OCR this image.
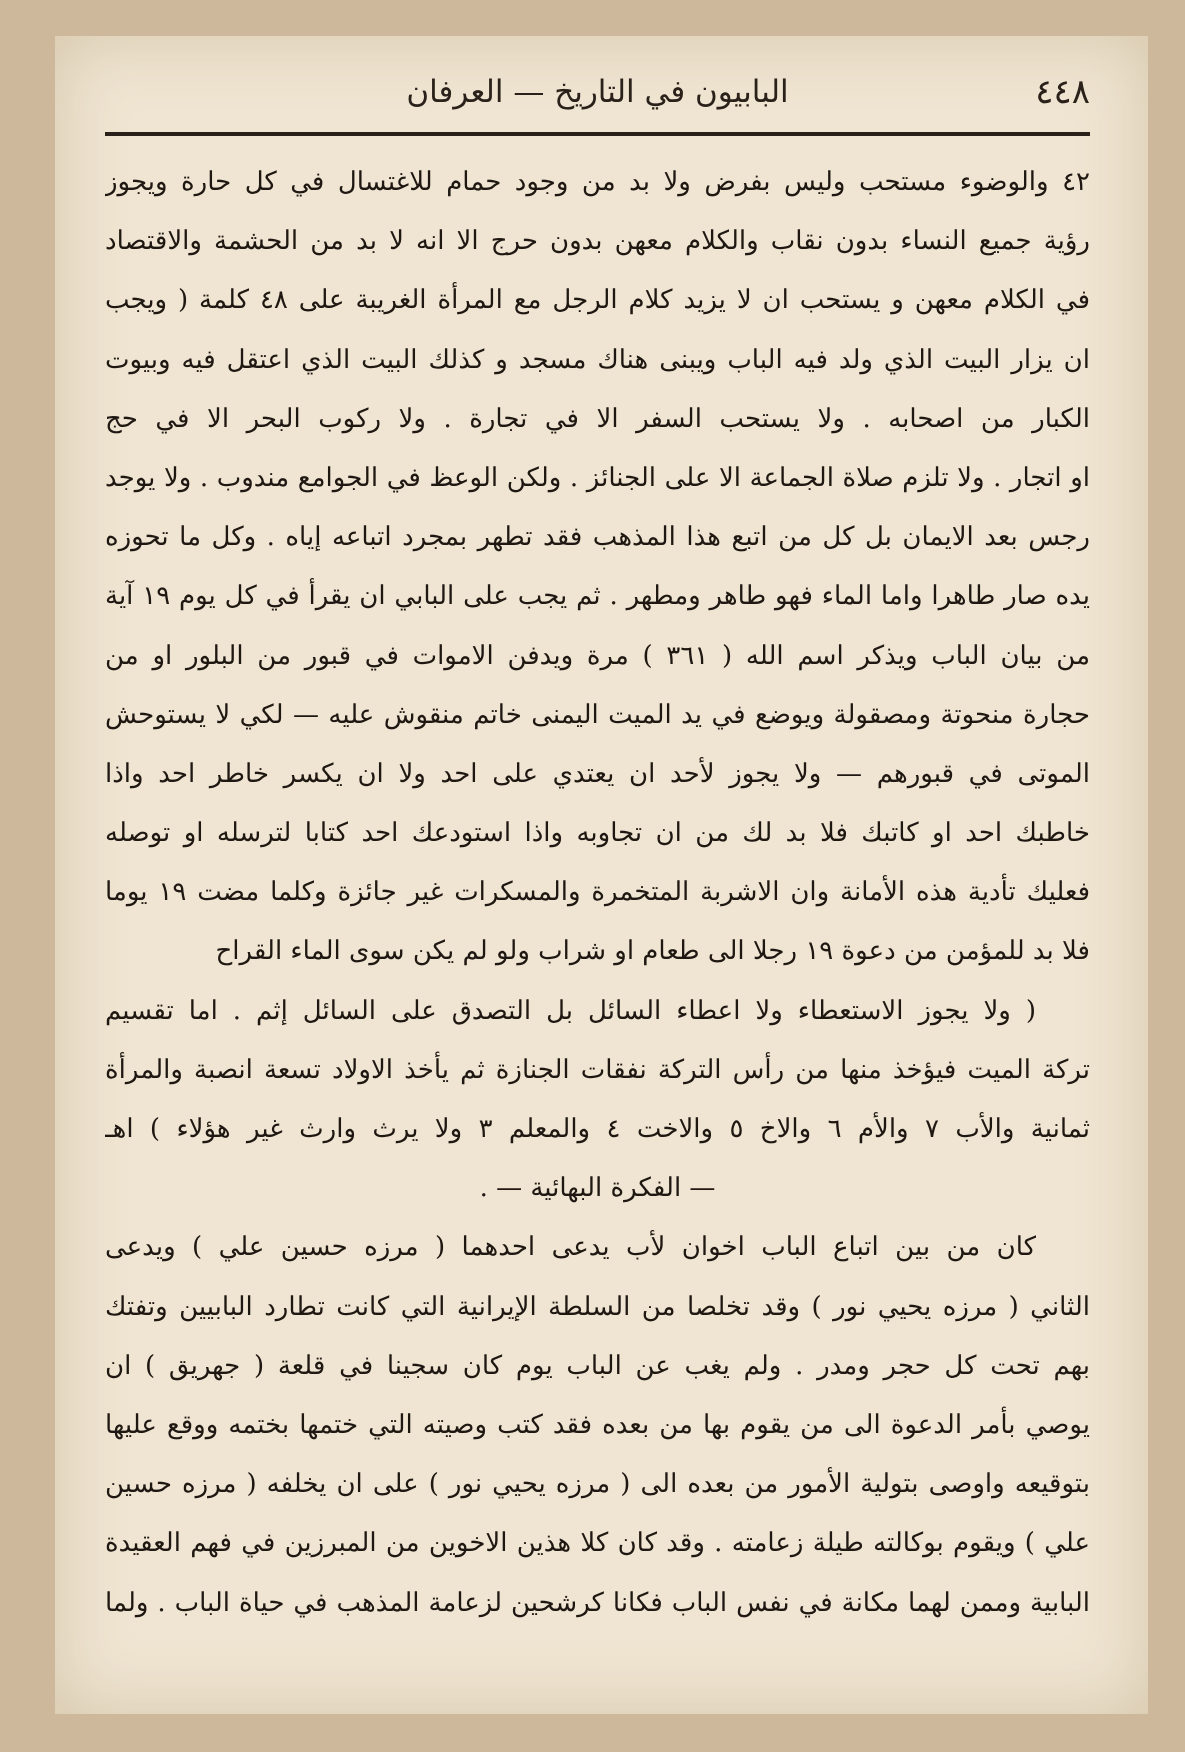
٤٤٨
البابيون في التاريخ — العرفان
٤٢ والوضوء مستحب وليس بفرض ولا بد من وجود حمام للاغتسال في كل حارة ويجوز
رؤية جميع النساء بدون نقاب والكلام معهن بدون حرج الا انه لا بد من الحشمة والاقتصاد
في الكلام معهن و يستحب ان لا يزيد كلام الرجل مع المرأة الغريبة على ٤٨ كلمة ( ويجب
ان يزار البيت الذي ولد فيه الباب ويبنى هناك مسجد و كذلك البيت الذي اعتقل فيه وبيوت
الكبار من اصحابه . ولا يستحب السفر الا في تجارة . ولا ركوب البحر الا في حج
او اتجار . ولا تلزم صلاة الجماعة الا على الجنائز . ولكن الوعظ في الجوامع مندوب . ولا يوجد
رجس بعد الايمان بل كل من اتبع هذا المذهب فقد تطهر بمجرد اتباعه إياه . وكل ما تحوزه
يده صار طاهرا واما الماء فهو طاهر ومطهر . ثم يجب على البابي ان يقرأ في كل يوم ١٩ آية
من بيان الباب ويذكر اسم الله ( ٣٦١ ) مرة ويدفن الاموات في قبور من البلور او من
حجارة منحوتة ومصقولة ويوضع في يد الميت اليمنى خاتم منقوش عليه — لكي لا يستوحش
الموتى في قبورهم — ولا يجوز لأحد ان يعتدي على احد ولا ان يكسر خاطر احد واذا
خاطبك احد او كاتبك فلا بد لك من ان تجاوبه واذا استودعك احد كتابا لترسله او توصله
فعليك تأدية هذه الأمانة وان الاشربة المتخمرة والمسكرات غير جائزة وكلما مضت ١٩ يوما
فلا بد للمؤمن من دعوة ١٩ رجلا الى طعام او شراب ولو لم يكن سوى الماء القراح
( ولا يجوز الاستعطاء ولا اعطاء السائل بل التصدق على السائل إثم . اما تقسيم
تركة الميت فيؤخذ منها من رأس التركة نفقات الجنازة ثم يأخذ الاولاد تسعة انصبة والمرأة
ثمانية والأب ٧ والأم ٦ والاخ ٥ والاخت ٤ والمعلم ٣ ولا يرث وارث غير هؤلاء ) اهـ
— الفكرة البهائية — .
كان من بين اتباع الباب اخوان لأب يدعى احدهما ( مرزه حسين علي ) ويدعى
الثاني ( مرزه يحيي نور ) وقد تخلصا من السلطة الإيرانية التي كانت تطارد البابيين وتفتك
بهم تحت كل حجر ومدر . ولم يغب عن الباب يوم كان سجينا في قلعة ( جهريق ) ان
يوصي بأمر الدعوة الى من يقوم بها من بعده فقد كتب وصيته التي ختمها بختمه ووقع عليها
بتوقيعه واوصى بتولية الأمور من بعده الى ( مرزه يحيي نور ) على ان يخلفه ( مرزه حسين
علي ) ويقوم بوكالته طيلة زعامته . وقد كان كلا هذين الاخوين من المبرزين في فهم العقيدة
البابية وممن لهما مكانة في نفس الباب فكانا كرشحين لزعامة المذهب في حياة الباب . ولما
